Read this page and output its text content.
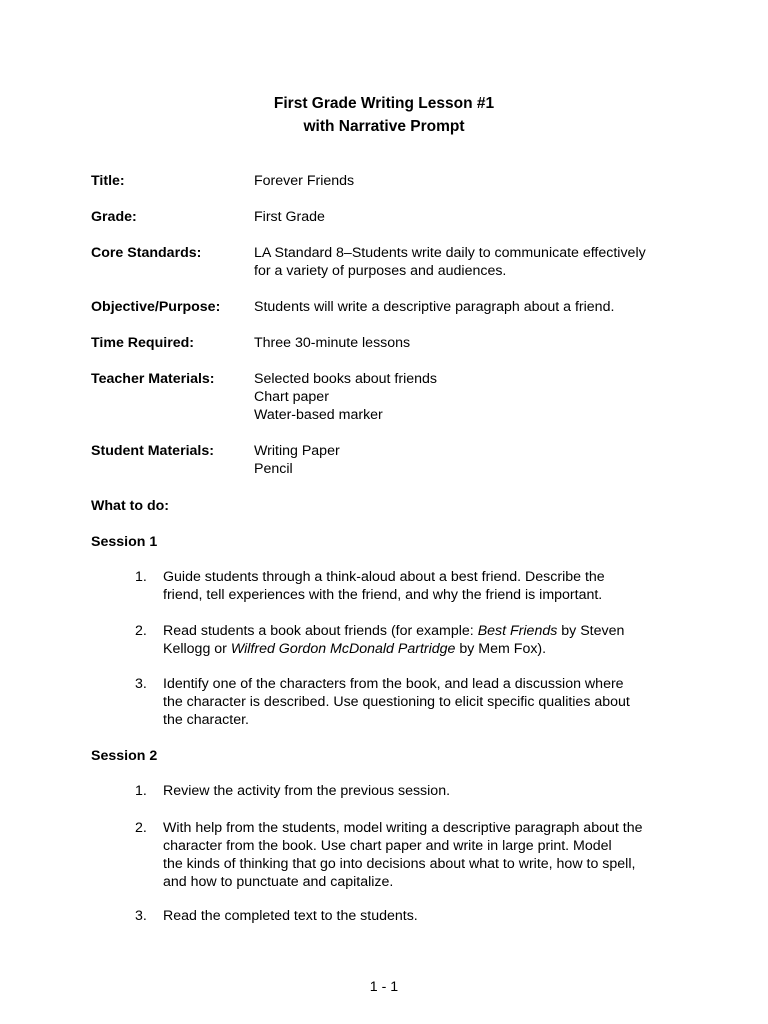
First Grade Writing Lesson #1
with Narrative Prompt
Title:	Forever Friends
Grade:	First Grade
Core Standards:	LA Standard 8–Students write daily to communicate effectively
for a variety of purposes and audiences.
Objective/Purpose: Students will write a descriptive paragraph about a friend.
Time Required:	Three 30-minute lessons
Teacher Materials:	Selected books about friends
Chart paper
Water-based marker
Student Materials:	Writing Paper
Pencil
What to do:
Session 1
1. Guide students through a think-aloud about a best friend. Describe the
friend, tell experiences with the friend, and why the friend is important.
2. Read students a book about friends (for example: Best Friends by Steven
Kellogg or Wilfred Gordon McDonald Partridge by Mem Fox).
3. Identify one of the characters from the book, and lead a discussion where
the character is described. Use questioning to elicit specific qualities about
the character.
Session 2
1. Review the activity from the previous session.
2. With help from the students, model writing a descriptive paragraph about the
character from the book. Use chart paper and write in large print. Model
the kinds of thinking that go into decisions about what to write, how to spell,
and how to punctuate and capitalize.
3. Read the completed text to the students.
1 - 1
